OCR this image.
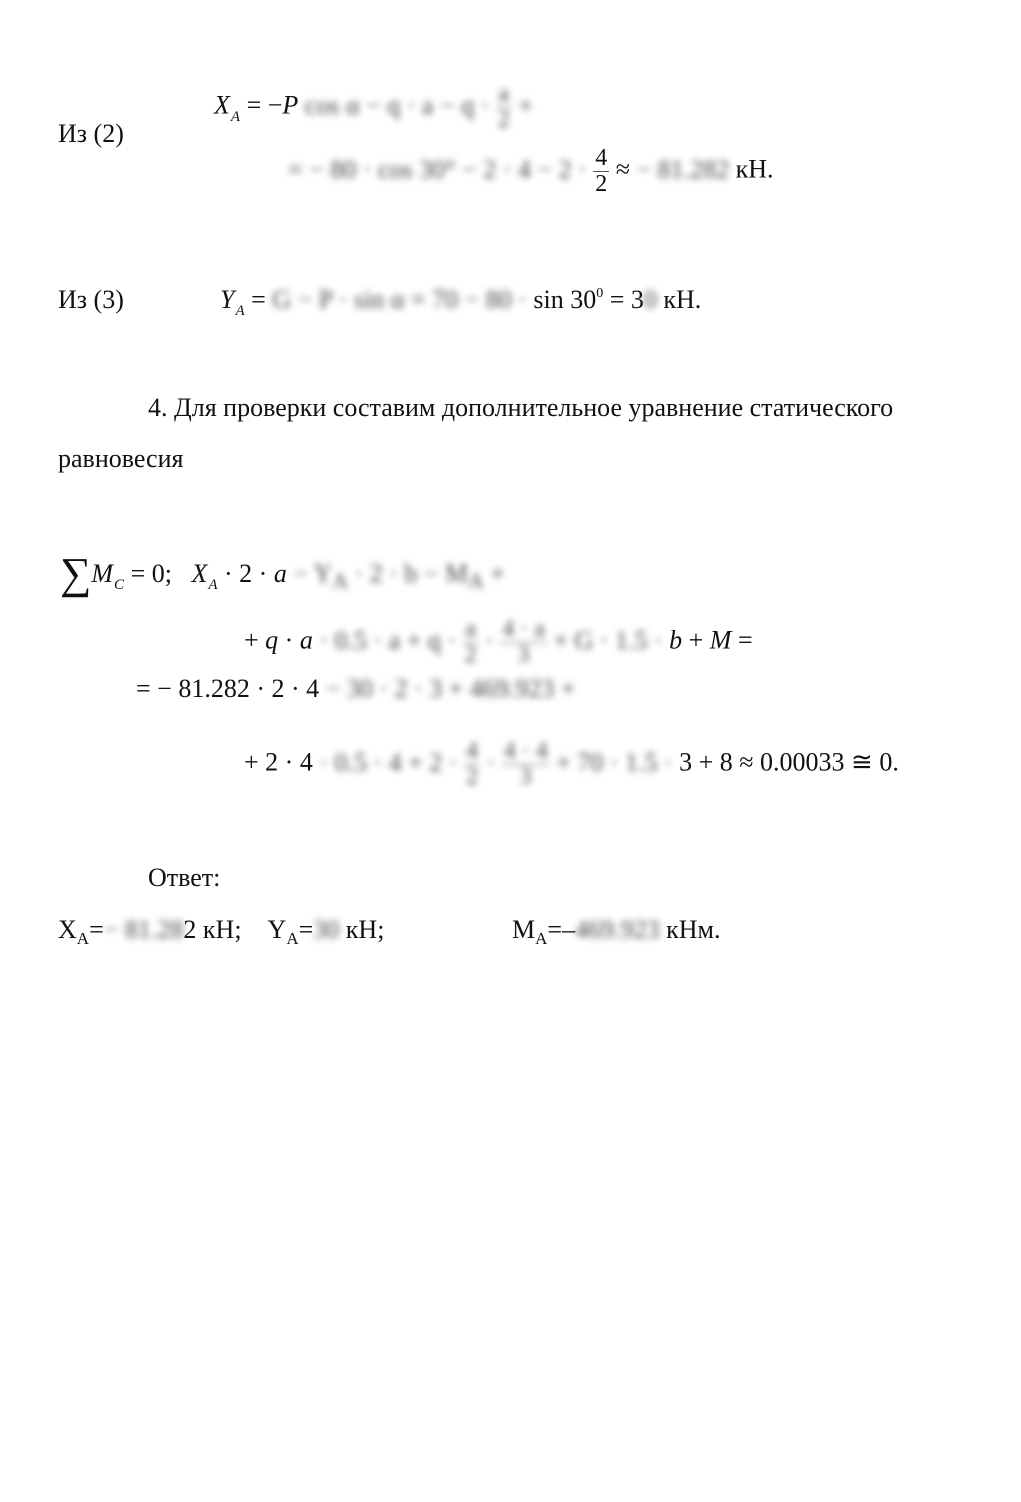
Из (2)
$X_A = -P$ $\cos \alpha - q \cdot a - q \cdot \frac{a}{2}$ +
= − $80 \cdot \cos 30^\circ - 2 \cdot 4 - 2 \cdot \frac{4}{2}$ ≈ − 81.282 кН.
Из (3)	$Y_A = G - P \cdot \sin \alpha = 70 - 80 \cdot \sin 30^0 = 30$ кН.
4. Для проверки составим дополнительное уравнение статического
равновесия
$\sum M_C = 0$;   $X_A \cdot 2 \cdot a - Y_A \cdot 2 \cdot b - M_A$ +
+ $q \cdot a \cdot 0.5 \cdot a + q \cdot \frac{a}{2} \cdot \frac{4 \cdot a}{3} + G \cdot 1.5 \cdot b + M$ =
= − 81.282 · 2 · 4 − 30 · 2 · 3 + 469.923 +
+ $2 \cdot 4 \cdot 0.5 \cdot 4 + 2 \cdot \frac{4}{2} \cdot \frac{4 \cdot 4}{3} + 70 \cdot 1.5 \cdot 3 + 8 \approx 0.00033$ ≅ 0.
Ответ:
$X_A=- 81.282$ кН; $Y_A=30$ кН;	$M_A=-469.923$ кНм.
